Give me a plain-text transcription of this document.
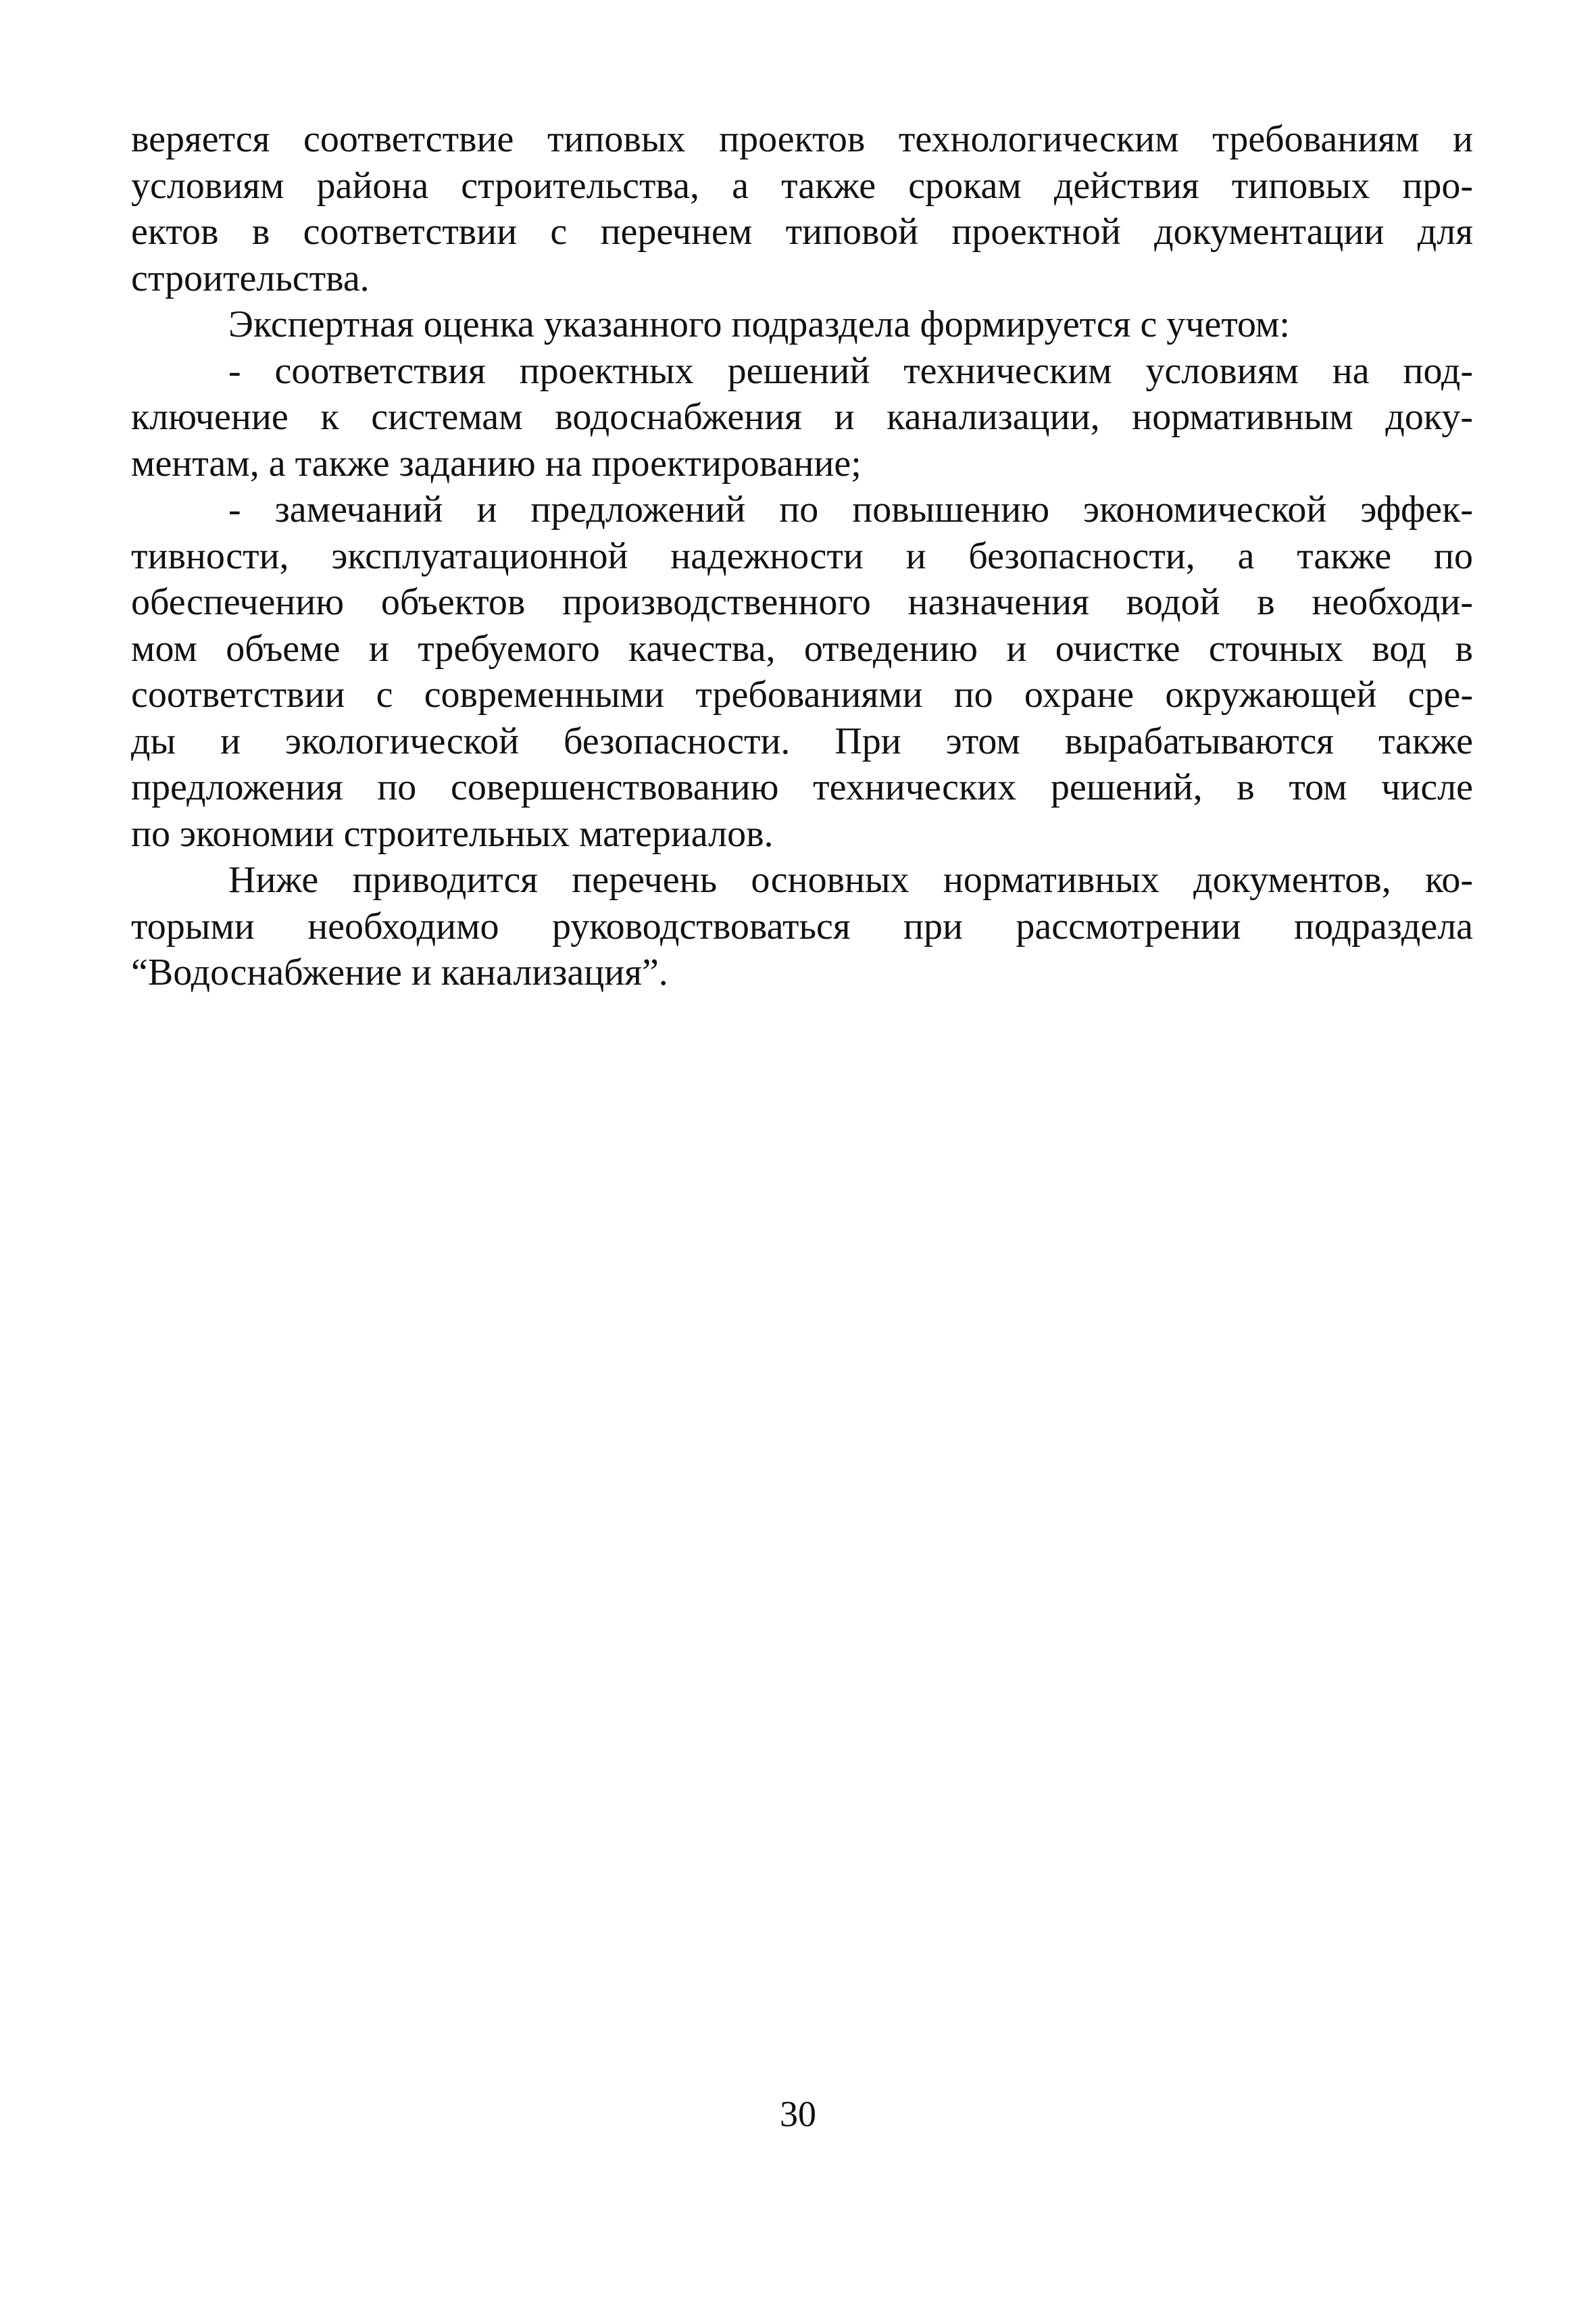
веряется соответствие типовых проектов технологическим требованиям и
условиям района строительства, а также срокам действия типовых про-
ектов в соответствии с перечнем типовой проектной документации для
строительства.
Экспертная оценка указанного подраздела формируется с учетом:
- соответствия проектных решений техническим условиям на под-
ключение к системам водоснабжения и канализации, нормативным доку-
ментам, а также заданию на проектирование;
- замечаний и предложений по повышению экономической эффек-
тивности, эксплуатационной надежности и безопасности, а также по
обеспечению объектов производственного назначения водой в необходи-
мом объеме и требуемого качества, отведению и очистке сточных вод в
соответствии с современными требованиями по охране окружающей сре-
ды и экологической безопасности. При этом вырабатываются также
предложения по совершенствованию технических решений, в том числе
по экономии строительных материалов.
Ниже приводится перечень основных нормативных документов, ко-
торыми необходимо руководствоваться при рассмотрении подраздела
“Водоснабжение и канализация”.
30
